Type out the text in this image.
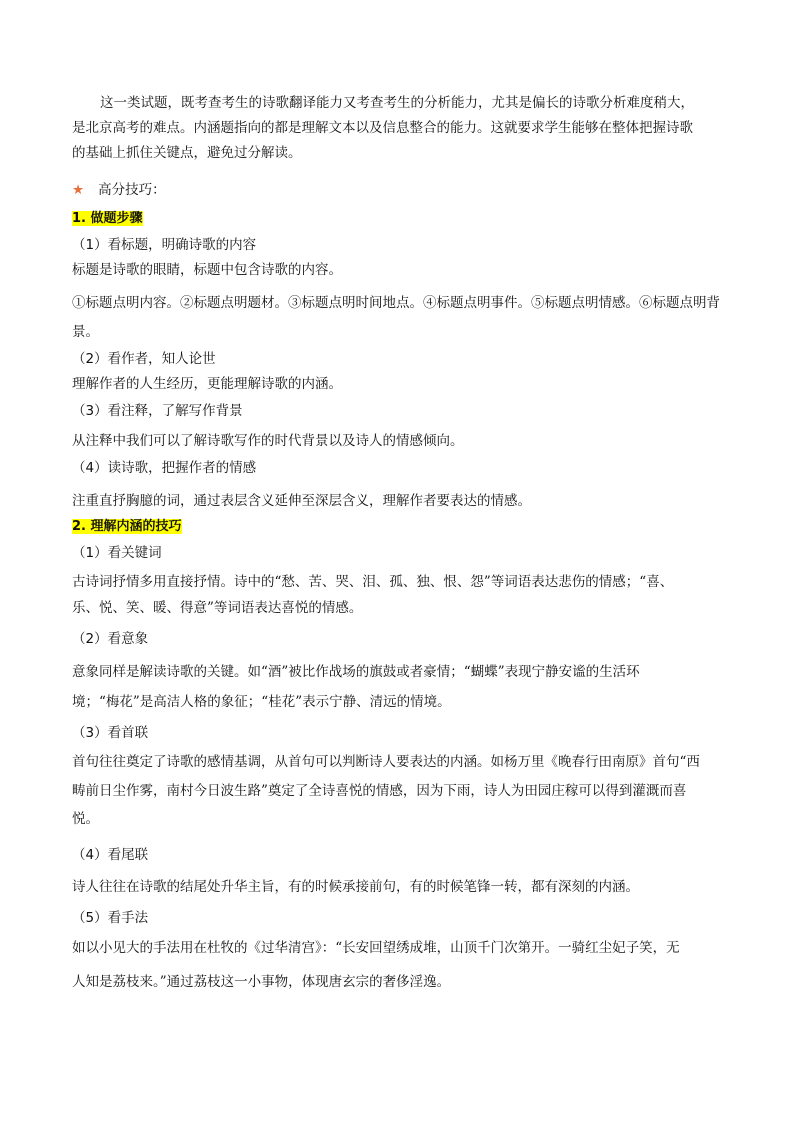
这一类试题，既考查考生的诗歌翻译能力又考查考生的分析能力，尤其是偏长的诗歌分析难度稍大，

是北京高考的难点。内涵题指向的都是理解文本以及信息整合的能力。这就要求学生能够在整体把握诗歌

的基础上抓住关键点，避免过分解读。

★ 高分技巧：

1. 做题步骤

（1）看标题，明确诗歌的内容

标题是诗歌的眼睛，标题中包含诗歌的内容。

①标题点明内容。②标题点明题材。③标题点明时间地点。④标题点明事件。⑤标题点明情感。⑥标题点明背

景。

（2）看作者，知人论世

理解作者的人生经历，更能理解诗歌的内涵。

（3）看注释，了解写作背景

从注释中我们可以了解诗歌写作的时代背景以及诗人的情感倾向。

（4）读诗歌，把握作者的情感

注重直抒胸臆的词，通过表层含义延伸至深层含义，理解作者要表达的情感。

2. 理解内涵的技巧

（1）看关键词

古诗词抒情多用直接抒情。诗中的“愁、苦、哭、泪、孤、独、恨、怨”等词语表达悲伤的情感；“喜、

乐、悦、笑、暖、得意”等词语表达喜悦的情感。

（2）看意象

意象同样是解读诗歌的关键。如“酒”被比作战场的旗鼓或者豪情；“蝴蝶”表现宁静安谧的生活环

境；“梅花”是高洁人格的象征；“桂花”表示宁静、清远的情境。

（3）看首联

首句往往奠定了诗歌的感情基调，从首句可以判断诗人要表达的内涵。如杨万里《晚春行田南原》首句“西

畴前日尘作雾，南村今日波生路”奠定了全诗喜悦的情感，因为下雨，诗人为田园庄稼可以得到灌溉而喜

悦。

（4）看尾联

诗人往往在诗歌的结尾处升华主旨，有的时候承接前句，有的时候笔锋一转，都有深刻的内涵。

（5）看手法

如以小见大的手法用在杜牧的《过华清宫》：“长安回望绣成堆，山顶千门次第开。一骑红尘妃子笑，无

人知是荔枝来。”通过荔枝这一小事物，体现唐玄宗的奢侈淫逸。
